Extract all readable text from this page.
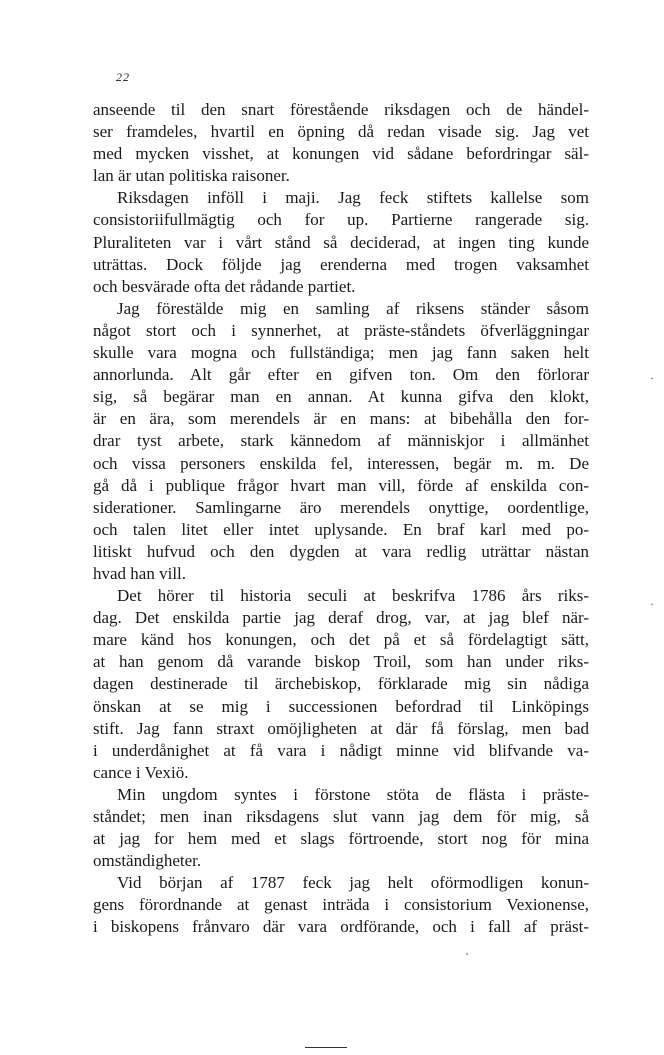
22
anseende til den snart förestående riksdagen och de händel-
ser framdeles, hvartil en öpning då redan visade sig. Jag vet
med mycken visshet, at konungen vid sådane befordringar säl-
lan är utan politiska raisoner.
Riksdagen inföll i maji. Jag feck stiftets kallelse som
consistoriifullmägtig och for up. Partierne rangerade sig.
Pluraliteten var i vårt stånd så deciderad, at ingen ting kunde
uträttas. Dock följde jag erenderna med trogen vaksamhet
och besvärade ofta det rådande partiet.
Jag förestälde mig en samling af riksens ständer såsom
något stort och i synnerhet, at präste-ståndets öfverläggningar
skulle vara mogna och fullständiga; men jag fann saken helt
annorlunda. Alt går efter en gifven ton. Om den förlorar
sig, så begärar man en annan. At kunna gifva den klokt,
är en ära, som merendels är en mans: at bibehålla den for-
drar tyst arbete, stark kännedom af människjor i allmänhet
och vissa personers enskilda fel, interessen, begär m. m. De
gå då i publique frågor hvart man vill, förde af enskilda con-
siderationer. Samlingarne äro merendels onyttige, oordentlige,
och talen litet eller intet uplysande. En braf karl med po-
litiskt hufvud och den dygden at vara redlig uträttar nästan
hvad han vill.
Det hörer til historia seculi at beskrifva 1786 års riks-
dag. Det enskilda partie jag deraf drog, var, at jag blef när-
mare känd hos konungen, och det på et så fördelagtigt sätt,
at han genom då varande biskop Troil, som han under riks-
dagen destinerade til ärchebiskop, förklarade mig sin nådiga
önskan at se mig i successionen befordrad til Linköpings
stift. Jag fann straxt omöjligheten at där få förslag, men bad
i underdånighet at få vara i nådigt minne vid blifvande va-
cance i Vexiö.
Min ungdom syntes i förstone stöta de flästa i präste-
ståndet; men inan riksdagens slut vann jag dem för mig, så
at jag for hem med et slags förtroende, stort nog för mina
omständigheter.
Vid början af 1787 feck jag helt oförmodligen konun-
gens förordnande at genast inträda i consistorium Vexionense,
i biskopens frånvaro där vara ordförande, och i fall af präst-
·
·
